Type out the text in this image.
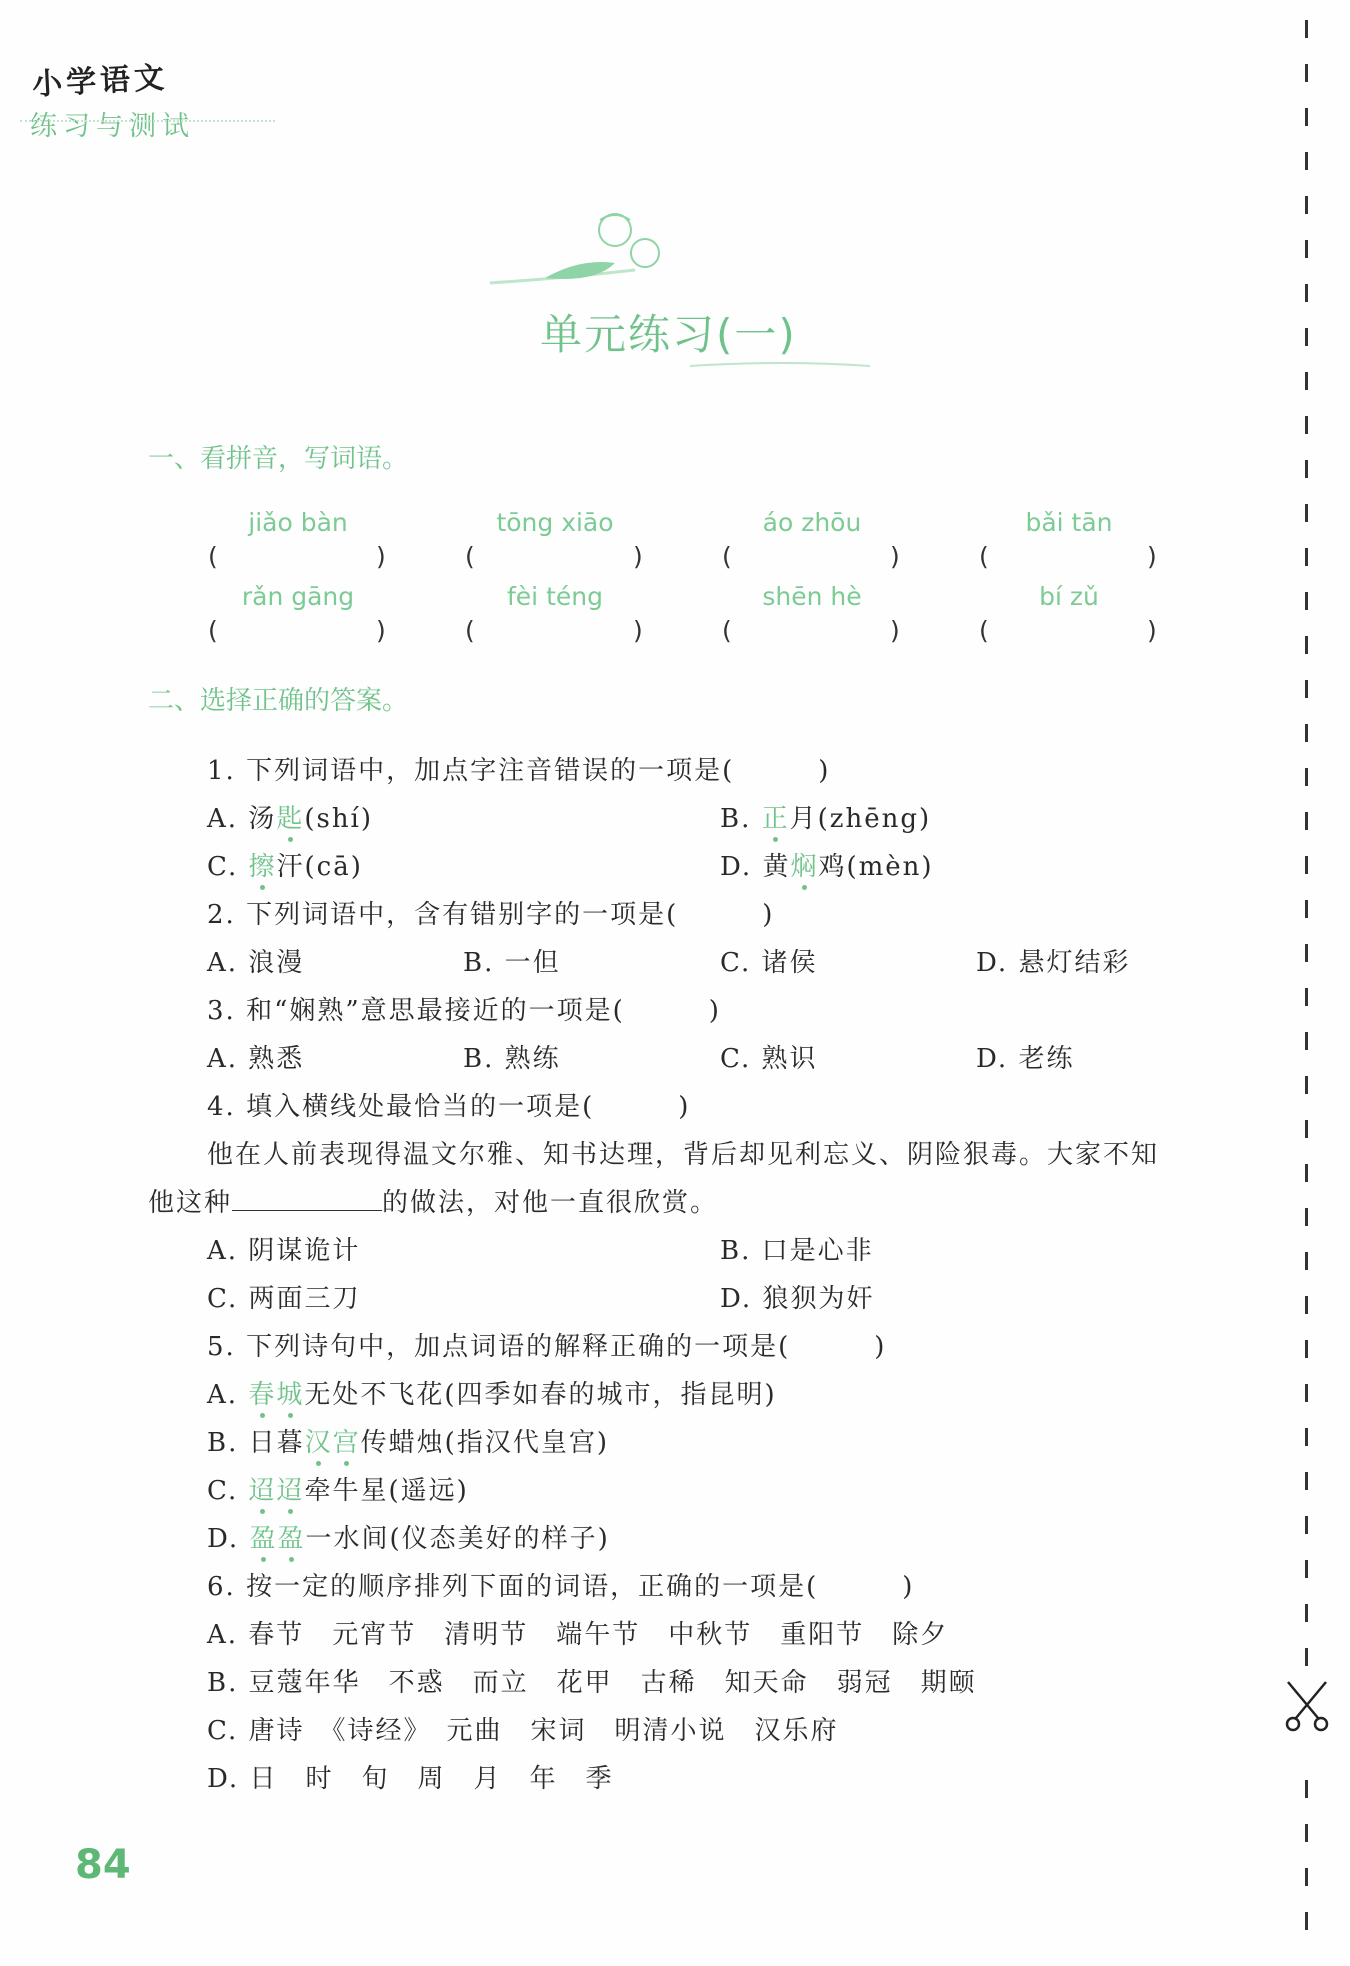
小学语文
练习与测试
单元练习(一)
一、看拼音，写词语。
jiǎo bàn	tōng xiāo	áo zhōu	bǎi tān
(	)	(	)	(	)	(	)
rǎn gāng	fèi téng	shēn hè	bí zǔ
(	)	(	)	(	)	(	)
二、选择正确的答案。
1. 下列词语中，加点字注音错误的一项是(　　　)
A. 汤匙(shí)	B. 正月(zhēng)
C. 擦汗(cā)	D. 黄焖鸡(mèn)
2. 下列词语中，含有错别字的一项是(　　　)
A. 浪漫	B. 一但	C. 诸侯	D. 悬灯结彩
3. 和“娴熟”意思最接近的一项是(　　　)
A. 熟悉	B. 熟练	C. 熟识	D. 老练
4. 填入横线处最恰当的一项是(　　　)
他在人前表现得温文尔雅、知书达理，背后却见利忘义、阴险狠毒。大家不知
他这种	的做法，对他一直很欣赏。
A. 阴谋诡计	B. 口是心非
C. 两面三刀	D. 狼狈为奸
5. 下列诗句中，加点词语的解释正确的一项是(　　　)
A. 春城无处不飞花(四季如春的城市，指昆明)
B. 日暮汉宫传蜡烛(指汉代皇宫)
C. 迢迢牵牛星(遥远)
D. 盈盈一水间(仪态美好的样子)
6. 按一定的顺序排列下面的词语，正确的一项是(　　　)
A. 春节　元宵节　清明节　端午节　中秋节　重阳节　除夕
B. 豆蔻年华　不惑　而立　花甲　古稀　知天命　弱冠　期颐
C. 唐诗　《诗经》　元曲　宋词　明清小说　汉乐府
D. 日　时　旬　周　月　年　季
84
